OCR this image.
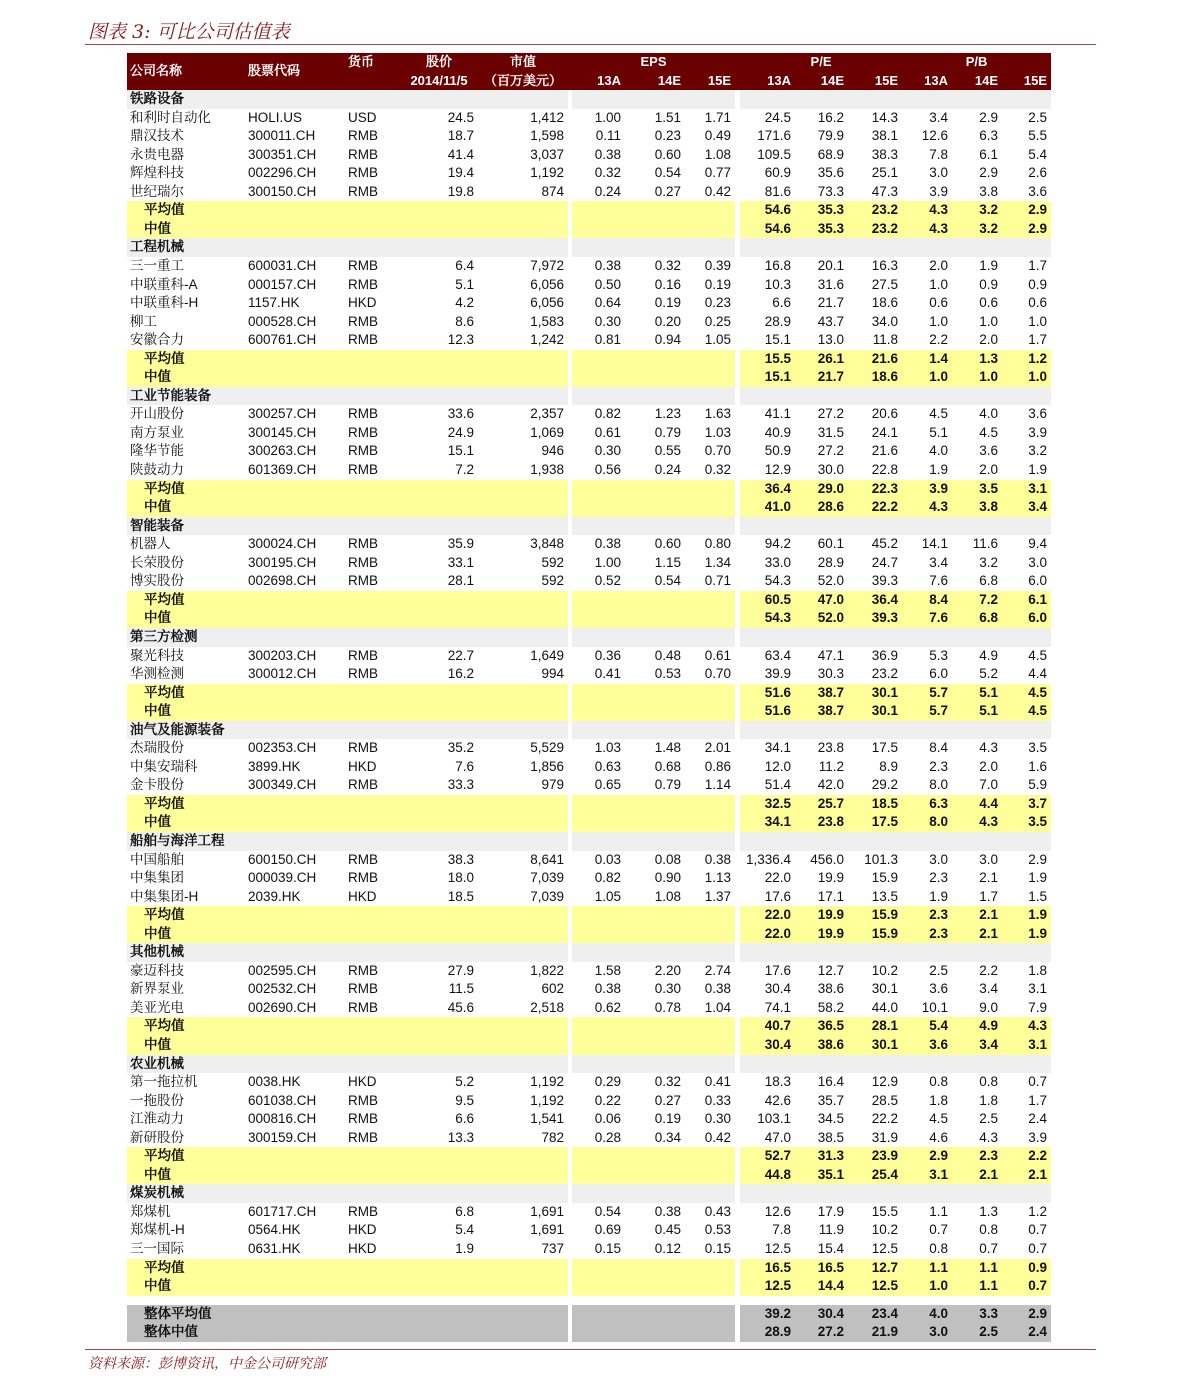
图表 3: 可比公司估值表
公司名称	股票代码	货币	股价	市值		EPS				P/E			P/B		
			2014/11/5	（百万美元）		13A	14E	15E		13A	14E	15E	13A	14E	15E
铁路设备															
和利时自动化	HOLI.US	USD	24.5	1,412		1.00	1.51	1.71		24.5	16.2	14.3	3.4	2.9	2.5
鼎汉技术	300011.CH	RMB	18.7	1,598		0.11	0.23	0.49		171.6	79.9	38.1	12.6	6.3	5.5
永贵电器	300351.CH	RMB	41.4	3,037		0.38	0.60	1.08		109.5	68.9	38.3	7.8	6.1	5.4
辉煌科技	002296.CH	RMB	19.4	1,192		0.32	0.54	0.77		60.9	35.6	25.1	3.0	2.9	2.6
世纪瑞尔	300150.CH	RMB	19.8	874		0.24	0.27	0.42		81.6	73.3	47.3	3.9	3.8	3.6
平均值										54.6	35.3	23.2	4.3	3.2	2.9
中值										54.6	35.3	23.2	4.3	3.2	2.9
工程机械															
三一重工	600031.CH	RMB	6.4	7,972		0.38	0.32	0.39		16.8	20.1	16.3	2.0	1.9	1.7
中联重科-A	000157.CH	RMB	5.1	6,056		0.50	0.16	0.19		10.3	31.6	27.5	1.0	0.9	0.9
中联重科-H	1157.HK	HKD	4.2	6,056		0.64	0.19	0.23		6.6	21.7	18.6	0.6	0.6	0.6
柳工	000528.CH	RMB	8.6	1,583		0.30	0.20	0.25		28.9	43.7	34.0	1.0	1.0	1.0
安徽合力	600761.CH	RMB	12.3	1,242		0.81	0.94	1.05		15.1	13.0	11.8	2.2	2.0	1.7
平均值										15.5	26.1	21.6	1.4	1.3	1.2
中值										15.1	21.7	18.6	1.0	1.0	1.0
工业节能装备															
开山股份	300257.CH	RMB	33.6	2,357		0.82	1.23	1.63		41.1	27.2	20.6	4.5	4.0	3.6
南方泵业	300145.CH	RMB	24.9	1,069		0.61	0.79	1.03		40.9	31.5	24.1	5.1	4.5	3.9
隆华节能	300263.CH	RMB	15.1	946		0.30	0.55	0.70		50.9	27.2	21.6	4.0	3.6	3.2
陕鼓动力	601369.CH	RMB	7.2	1,938		0.56	0.24	0.32		12.9	30.0	22.8	1.9	2.0	1.9
平均值										36.4	29.0	22.3	3.9	3.5	3.1
中值										41.0	28.6	22.2	4.3	3.8	3.4
智能装备															
机器人	300024.CH	RMB	35.9	3,848		0.38	0.60	0.80		94.2	60.1	45.2	14.1	11.6	9.4
长荣股份	300195.CH	RMB	33.1	592		1.00	1.15	1.34		33.0	28.9	24.7	3.4	3.2	3.0
博实股份	002698.CH	RMB	28.1	592		0.52	0.54	0.71		54.3	52.0	39.3	7.6	6.8	6.0
平均值										60.5	47.0	36.4	8.4	7.2	6.1
中值										54.3	52.0	39.3	7.6	6.8	6.0
第三方检测															
聚光科技	300203.CH	RMB	22.7	1,649		0.36	0.48	0.61		63.4	47.1	36.9	5.3	4.9	4.5
华测检测	300012.CH	RMB	16.2	994		0.41	0.53	0.70		39.9	30.3	23.2	6.0	5.2	4.4
平均值										51.6	38.7	30.1	5.7	5.1	4.5
中值										51.6	38.7	30.1	5.7	5.1	4.5
油气及能源装备															
杰瑞股份	002353.CH	RMB	35.2	5,529		1.03	1.48	2.01		34.1	23.8	17.5	8.4	4.3	3.5
中集安瑞科	3899.HK	HKD	7.6	1,856		0.63	0.68	0.86		12.0	11.2	8.9	2.3	2.0	1.6
金卡股份	300349.CH	RMB	33.3	979		0.65	0.79	1.14		51.4	42.0	29.2	8.0	7.0	5.9
平均值										32.5	25.7	18.5	6.3	4.4	3.7
中值										34.1	23.8	17.5	8.0	4.3	3.5
船舶与海洋工程															
中国船舶	600150.CH	RMB	38.3	8,641		0.03	0.08	0.38		1,336.4	456.0	101.3	3.0	3.0	2.9
中集集团	000039.CH	RMB	18.0	7,039		0.82	0.90	1.13		22.0	19.9	15.9	2.3	2.1	1.9
中集集团-H	2039.HK	HKD	18.5	7,039		1.05	1.08	1.37		17.6	17.1	13.5	1.9	1.7	1.5
平均值										22.0	19.9	15.9	2.3	2.1	1.9
中值										22.0	19.9	15.9	2.3	2.1	1.9
其他机械															
豪迈科技	002595.CH	RMB	27.9	1,822		1.58	2.20	2.74		17.6	12.7	10.2	2.5	2.2	1.8
新界泵业	002532.CH	RMB	11.5	602		0.38	0.30	0.38		30.4	38.6	30.1	3.6	3.4	3.1
美亚光电	002690.CH	RMB	45.6	2,518		0.62	0.78	1.04		74.1	58.2	44.0	10.1	9.0	7.9
平均值										40.7	36.5	28.1	5.4	4.9	4.3
中值										30.4	38.6	30.1	3.6	3.4	3.1
农业机械															
第一拖拉机	0038.HK	HKD	5.2	1,192		0.29	0.32	0.41		18.3	16.4	12.9	0.8	0.8	0.7
一拖股份	601038.CH	RMB	9.5	1,192		0.22	0.27	0.33		42.6	35.7	28.5	1.8	1.8	1.7
江淮动力	000816.CH	RMB	6.6	1,541		0.06	0.19	0.30		103.1	34.5	22.2	4.5	2.5	2.4
新研股份	300159.CH	RMB	13.3	782		0.28	0.34	0.42		47.0	38.5	31.9	4.6	4.3	3.9
平均值										52.7	31.3	23.9	2.9	2.3	2.2
中值										44.8	35.1	25.4	3.1	2.1	2.1
煤炭机械															
郑煤机	601717.CH	RMB	6.8	1,691		0.54	0.38	0.43		12.6	17.9	15.5	1.1	1.3	1.2
郑煤机-H	0564.HK	HKD	5.4	1,691		0.69	0.45	0.53		7.8	11.9	10.2	0.7	0.8	0.7
三一国际	0631.HK	HKD	1.9	737		0.15	0.12	0.15		12.5	15.4	12.5	0.8	0.7	0.7
平均值										16.5	16.5	12.7	1.1	1.1	0.9
中值										12.5	14.4	12.5	1.0	1.1	0.7

整体平均值										39.2	30.4	23.4	4.0	3.3	2.9
整体中值										28.9	27.2	21.9	3.0	2.5	2.4
资料来源：彭博资讯，中金公司研究部
